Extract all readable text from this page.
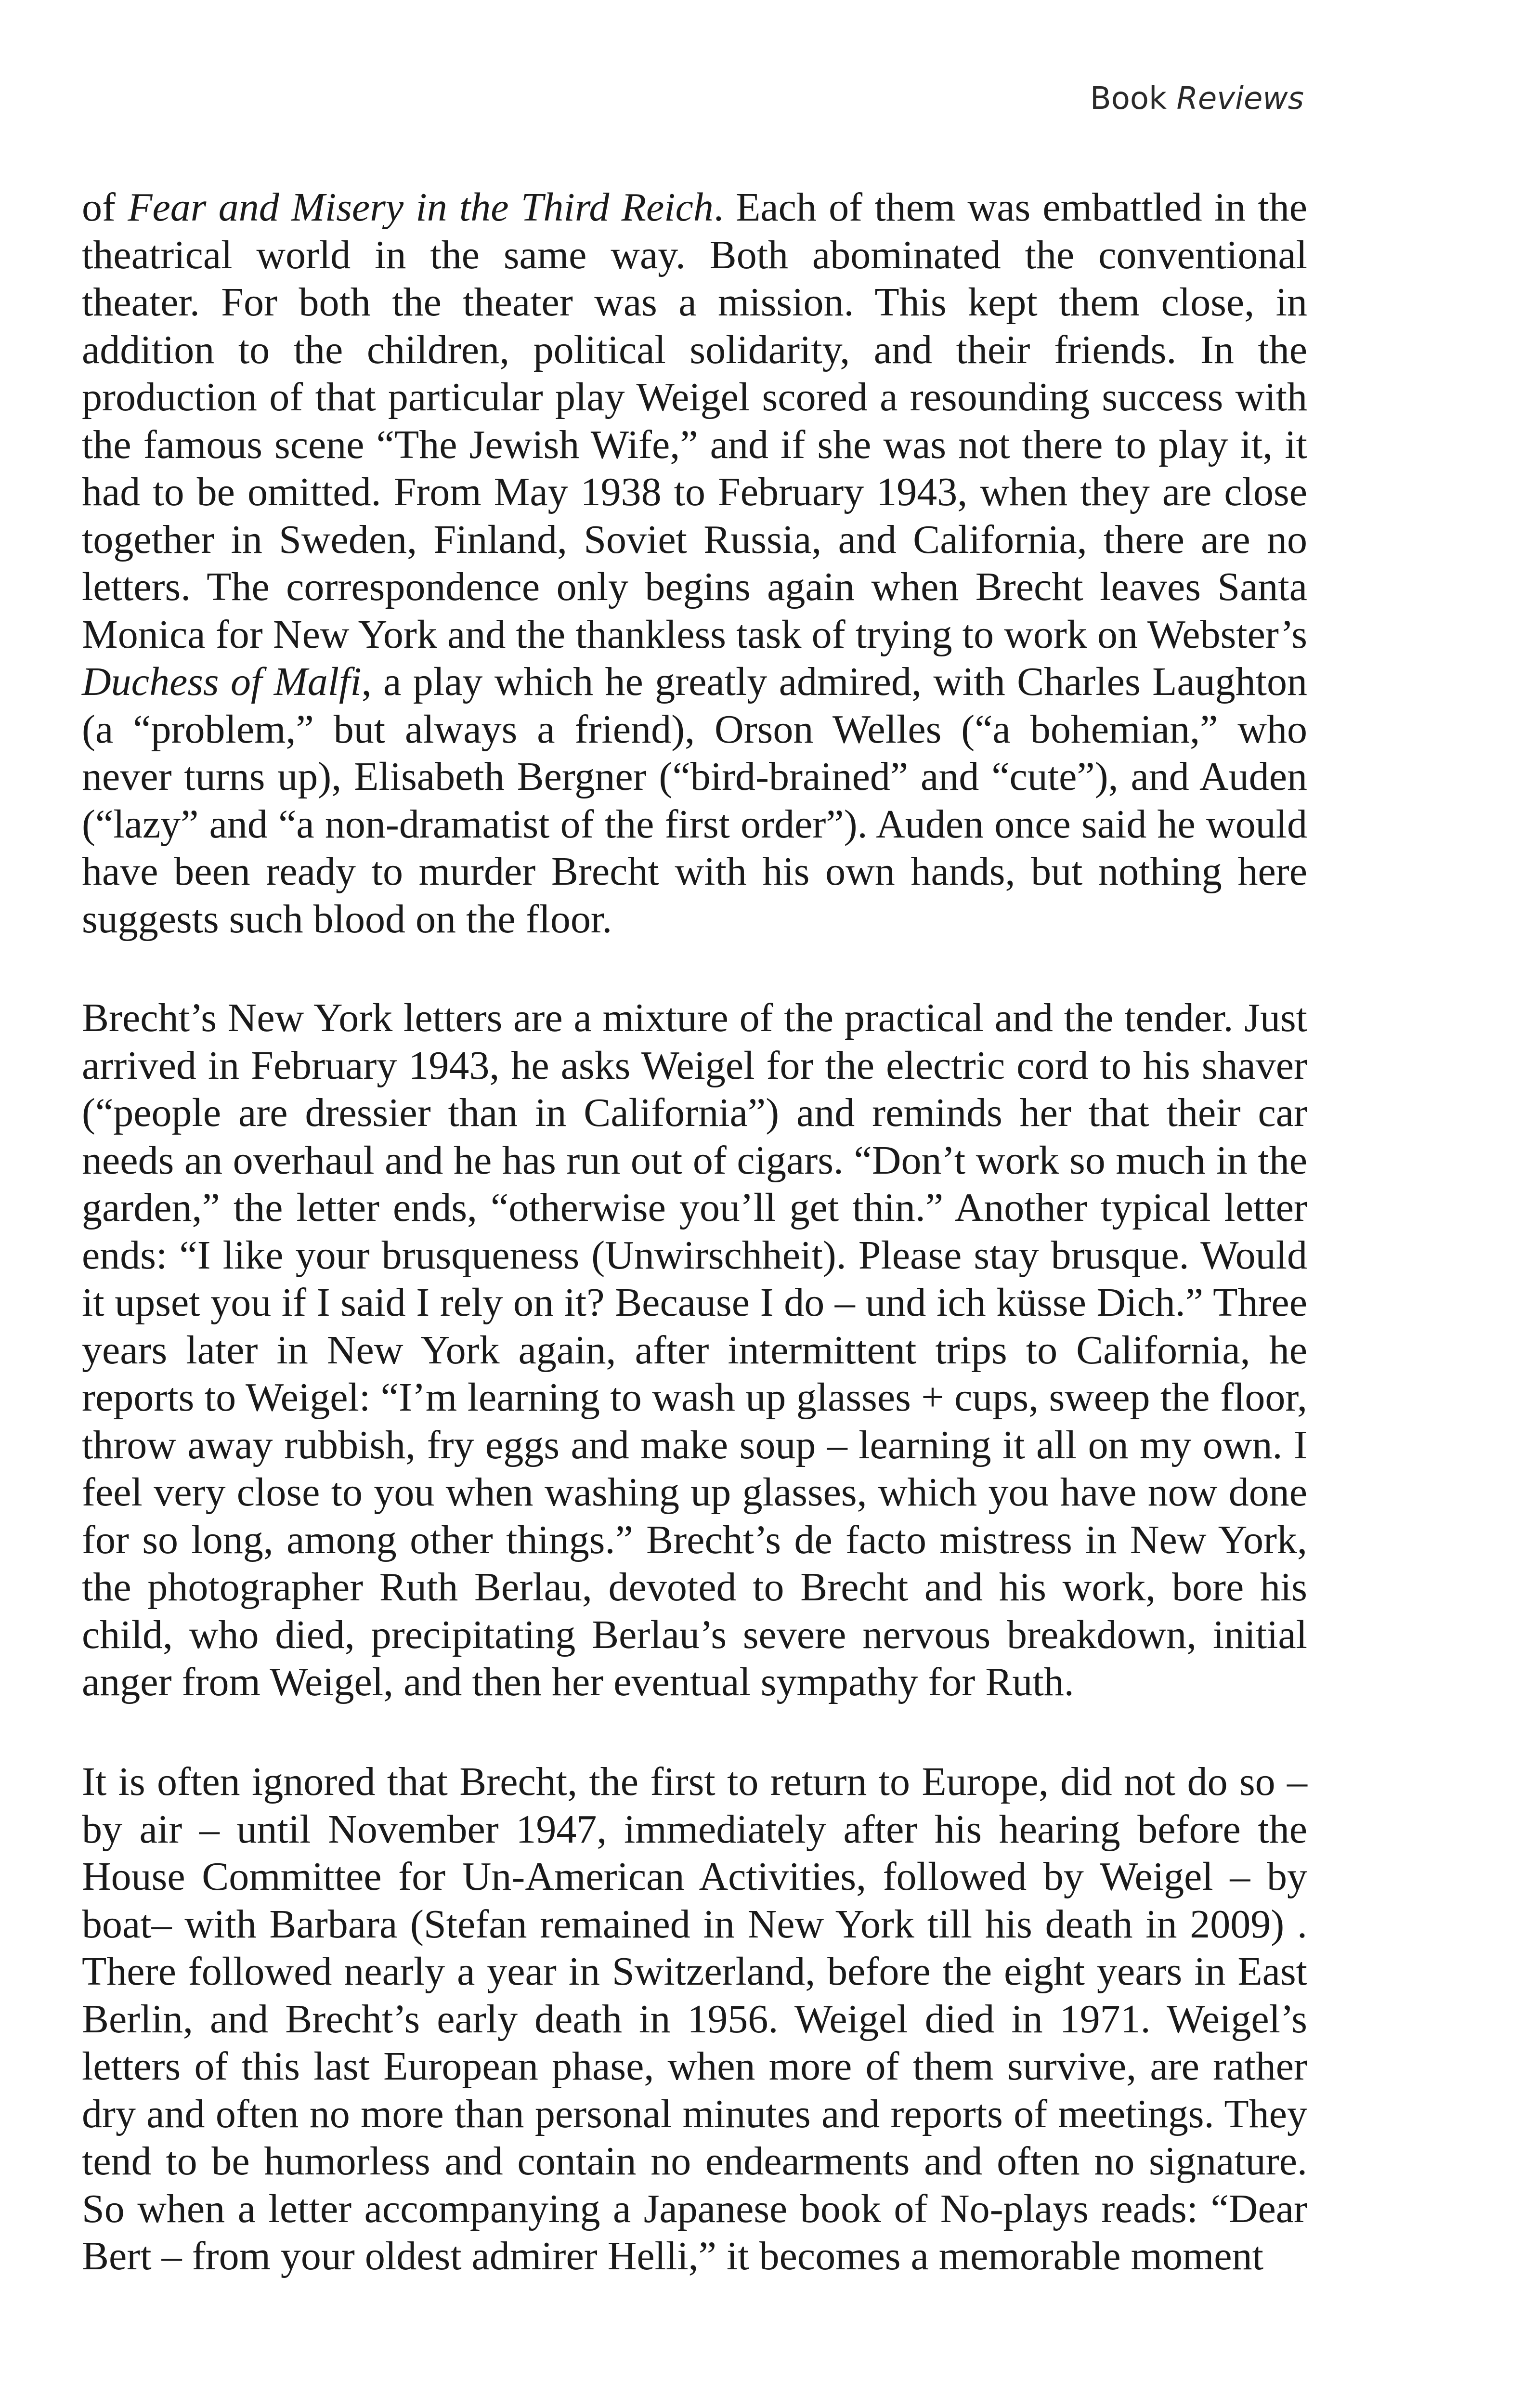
Book Reviews

of Fear and Misery in the Third Reich. Each of them was embattled in the theatrical world in the same way. Both abominated the conventional theater. For both the theater was a mission. This kept them close, in addition to the children, political solidarity, and their friends. In the production of that particular play Weigel scored a resounding success with the famous scene “The Jewish Wife,” and if she was not there to play it, it had to be omitted. From May 1938 to February 1943, when they are close together in Sweden, Finland, Soviet Russia, and California, there are no letters. The correspondence only begins again when Brecht leaves Santa Monica for New York and the thankless task of trying to work on Webster’s Duchess of Malfi, a play which he greatly admired, with Charles Laughton (a “problem,” but always a friend), Orson Welles (“a bohemian,” who never turns up), Elisabeth Bergner (“bird-brained” and “cute”), and Auden (“lazy” and “a non-dramatist of the first order”). Auden once said he would have been ready to murder Brecht with his own hands, but nothing here suggests such blood on the floor.

Brecht’s New York letters are a mixture of the practical and the tender. Just arrived in February 1943, he asks Weigel for the electric cord to his shaver (“people are dressier than in California”) and reminds her that their car needs an overhaul and he has run out of cigars. “Don’t work so much in the garden,” the letter ends, “otherwise you’ll get thin.” Another typical letter ends: “I like your brusqueness (Unwirschheit). Please stay brusque. Would it upset you if I said I rely on it? Because I do – und ich küsse Dich.” Three years later in New York again, after intermittent trips to California, he reports to Weigel: “I’m learning to wash up glasses + cups, sweep the floor, throw away rubbish, fry eggs and make soup – learning it all on my own. I feel very close to you when washing up glasses, which you have now done for so long, among other things.” Brecht’s de facto mistress in New York, the photographer Ruth Berlau, devoted to Brecht and his work, bore his child, who died, precipitating Berlau’s severe nervous breakdown, initial anger from Weigel, and then her eventual sympathy for Ruth.

It is often ignored that Brecht, the first to return to Europe, did not do so – by air – until November 1947, immediately after his hearing before the House Committee for Un-American Activities, followed by Weigel – by boat– with Barbara (Stefan remained in New York till his death in 2009) . There followed nearly a year in Switzerland, before the eight years in East Berlin, and Brecht’s early death in 1956. Weigel died in 1971. Weigel’s letters of this last European phase, when more of them survive, are rather dry and often no more than personal minutes and reports of meetings. They tend to be humorless and contain no endearments and often no signature. So when a letter accompanying a Japanese book of No-plays reads: “Dear Bert – from your oldest admirer Helli,” it becomes a memorable moment
